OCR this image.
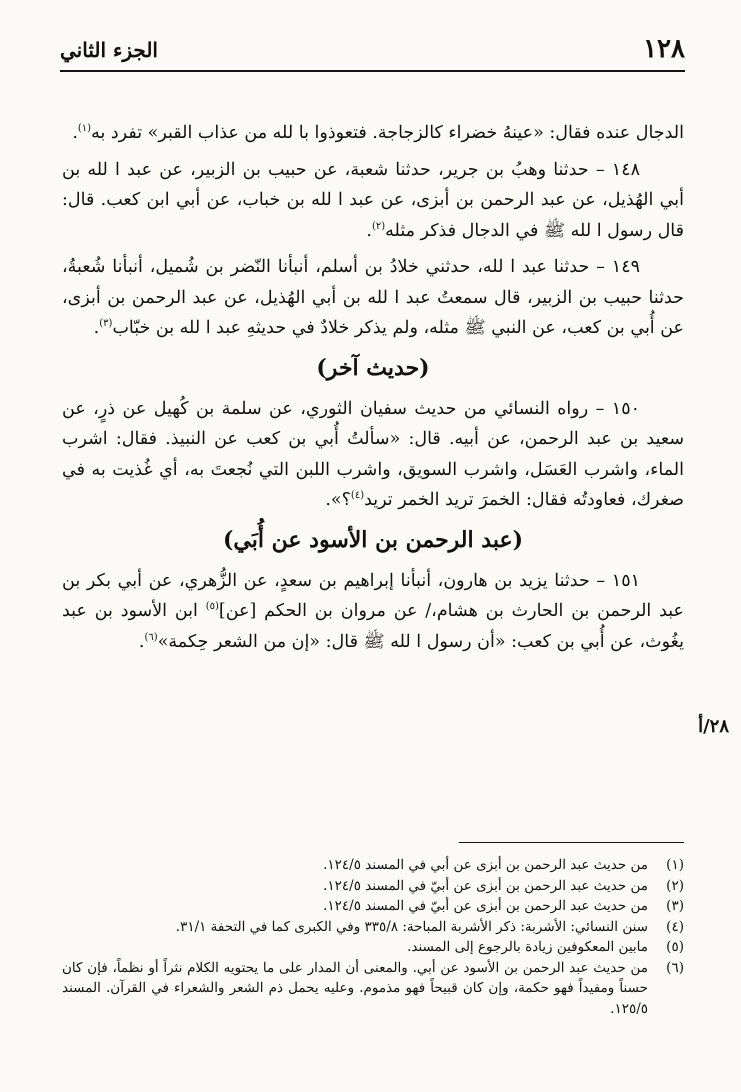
١٢٨
الجزء الثاني
٢٨/أ

الدجال عنده فقال: «عينهُ خضراء كالزجاجة. فتعوذوا با لله من عذاب القبر» تفرد به$^{(١)}$.

١٤٨ – حدثنا وهبُ بن جرير، حدثنا شعبة، عن حبيب بن الزبير، عن عبد ا لله بن أبي الهُذيل، عن عبد الرحمن بن أبزى، عن عبد ا لله بن خباب، عن أبي ابن كعب. قال: قال رسول ا لله ﷺ في الدجال فذكر مثله$^{(٢)}$.

١٤٩ – حدثنا عبد ا لله، حدثني خلادُ بن أسلم، أنبأنا النّضر بن شُميل، أنبأنا شُعبةُ، حدثنا حبيب بن الزبير، قال سمعتُ عبد ا لله بن أبي الهُذيل، عن عبد الرحمن بن أبزى، عن أُبي بن كعب، عن النبي ﷺ مثله، ولم يذكر خلادٌ في حديثهِ عبد ا لله بن خبّاب$^{(٣)}$.

(حديث آخر)

١٥٠ – رواه النسائي من حديث سفيان الثوري، عن سلمة بن كُهيل عن ذرٍ، عن سعيد بن عبد الرحمن، عن أبيه. قال: «سألتُ أُبي بن كعب عن النبيذ. فقال: اشرب الماء، واشرب العَسَل، واشرب السويق، واشرب اللبن التي نُجعتَ به، أي غُذيت به في صغرك، فعاودتُه فقال: الخمرَ تريد الخمر تريد$^{(٤)}$؟».

(عبد الرحمن بن الأسود عن أُبَي)

١٥١ – حدثنا يزيد بن هارون، أنبأنا إبراهيم بن سعدٍ، عن الزُّهري، عن أبي بكر بن عبد الرحمن بن الحارث بن هشام،/ عن مروان بن الحكم [عن]$^{(٥)}$ ابن الأسود بن عبد يغُوث، عن أُبي بن كعب: «أن رسول ا لله ﷺ قال: «إن من الشعر حِكمة»$^{(٦)}$.

(١)
من حديث عبد الرحمن بن أبزى عن أبي في المسند ١٢٤/٥.
(٢)
من حديث عبد الرحمن بن أبزى عن أبيّ في المسند ١٢٤/٥.
(٣)
من حديث عبد الرحمن بن أبزى عن أبيّ في المسند ١٢٤/٥.
(٤)
سنن النسائي: الأشربة: ذكر الأشربة المباحة: ٣٣٥/٨ وفي الكبرى كما في التحفة ٣١/١.
(٥)
مابين المعكوفين زيادة بالرجوع إلى المسند.
(٦)
من حديث عبد الرحمن بن الأسود عن أبي. والمعنى أن المدار على ما يحتويه الكلام نثراً أو نظماً، فإن كان حسناً ومفيداً فهو حكمة، وإن كان قبيحاً فهو مذموم. وعليه يحمل ذم الشعر والشعراء في القرآن. المسند ١٢٥/٥.
